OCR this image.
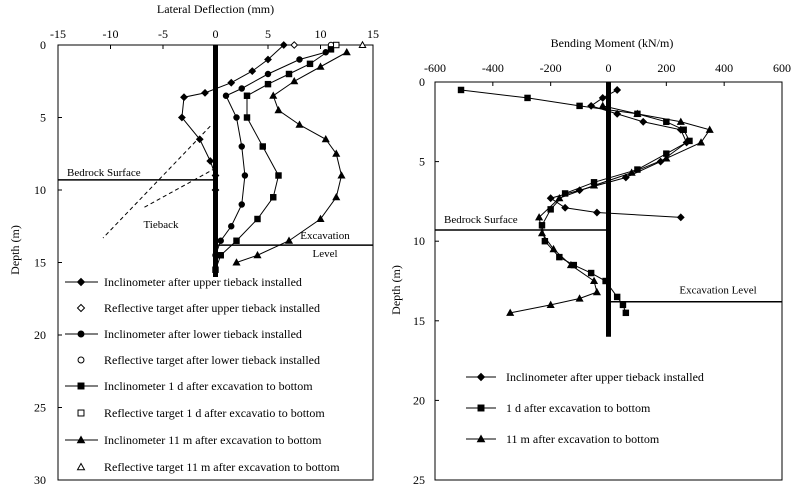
-15	-10	-5	0	5	10	15
0
5
10
15
20
25
30
Lateral Deflection (mm)
Depth (m)
Bedrock Surface
Excavation
Level
Tieback
Inclinometer after upper tieback installed
Reflective target after upper tieback installed
Inclinometer after lower tieback installed
Reflective target after lower tieback installed
Inclinometer 1 d after excavation to bottom
Reflective target 1 d after excavatio to bottom
Inclinometer 11 m after excavation to bottom
Reflective target 11 m after excavation to bottom
-600	-400	-200	0	200	400	600
0
5
10
15
20
25
Bending Moment (kN/m)
Depth (m)
Bedrock Surface
Excavation Level
Inclinometer after upper tieback installed
1 d after excavation to bottom
11 m after excavation to bottom
